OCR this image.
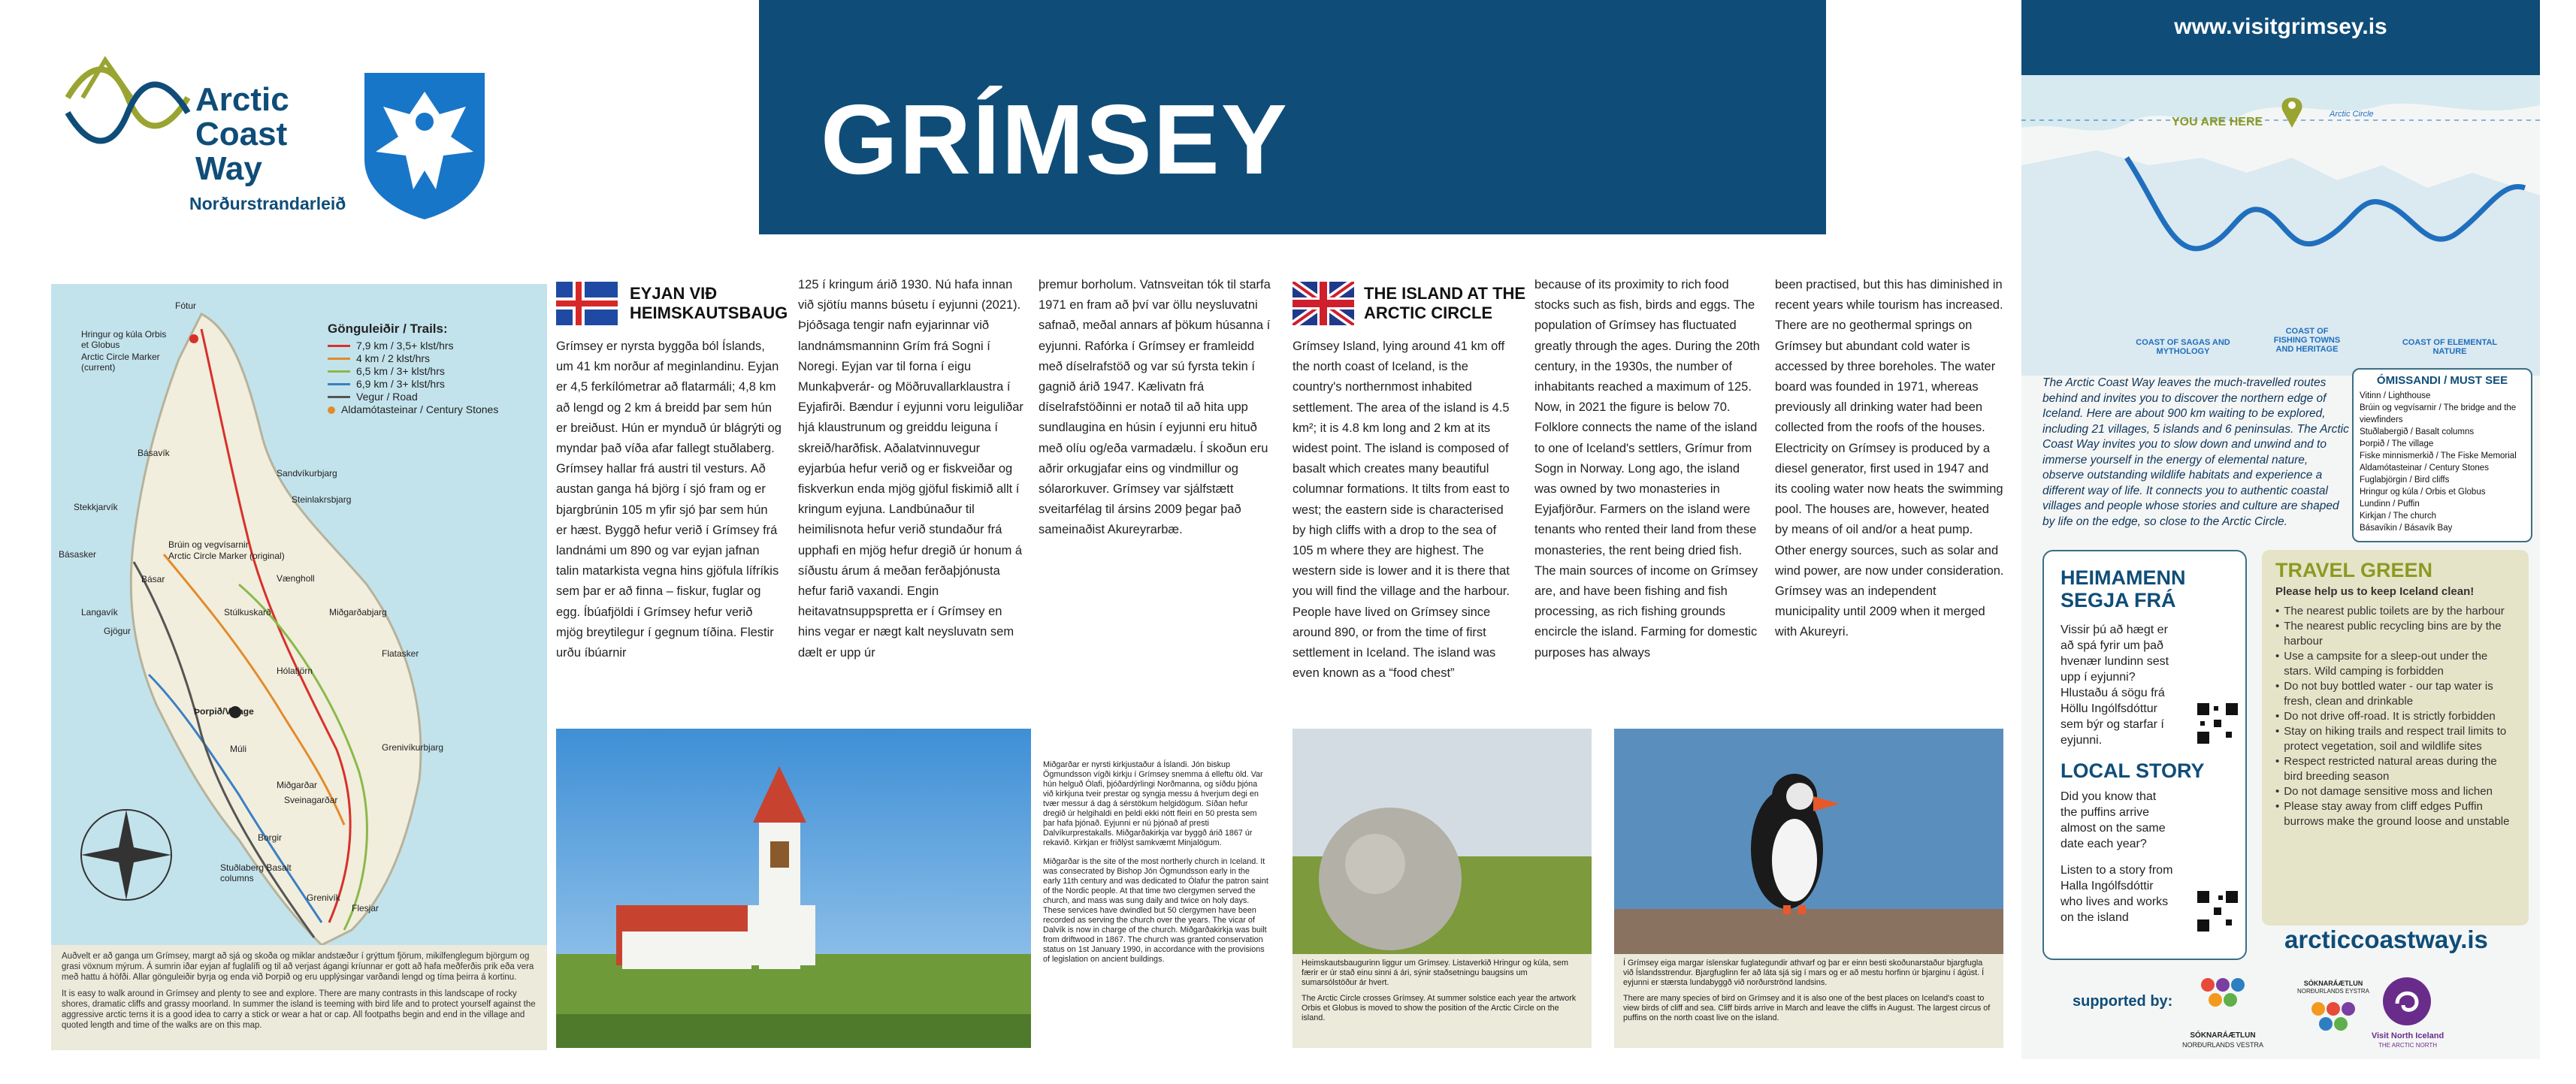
Arctic
Coast
Way
Norðurstrandarleið
GRÍMSEY
Gönguleiðir / Trails:
7,9 km / 3,5+ klst/hrs
4 km / 2 klst/hrs
6,5 km / 3+ klst/hrs
6,9 km / 3+ klst/hrs
Vegur / Road
Aldamótasteinar / Century Stones
Fótur
Hringur og kúla Orbis et Globus
Arctic Circle Marker (current)
Básavík
Sandvíkurbjarg
Steinlakrsbjarg
Stekkjarvík
Básasker
Básar
Langavík
Gjögur
Brúin og vegvísarnir
Arctic Circle Marker (original)
Vængholl
Stúlkuskarð	Miðgarðabjarg
Flatasker
Hólatjörn
Þorpið/Village
Múli
Miðgarðar
Sveinagarðar
Borgir
Grenivíkurbjarg
Stuðlaberg Basalt columns
Grenivík
Flesjar

Auðvelt er að ganga um Grímsey, margt að sjá og skoða og miklar andstæður í grýttum fjörum, mikilfenglegum björgum og grasi vöxnum mýrum. Á sumrin iðar eyjan af fuglalífi og til að verjast ágangi kríunnar er gott að hafa meðferðis prik eða vera með hattu á höfði. Allar gönguleiðir byrja og enda við Þorpið og eru upplýsingar varðandi lengd og tíma þeirra á kortinu.

It is easy to walk around in Grímsey and plenty to see and explore. There are many contrasts in this landscape of rocky shores, dramatic cliffs and grassy moorland. In summer the island is teeming with bird life and to protect yourself against the aggressive arctic terns it is a good idea to carry a stick or wear a hat or cap. All footpaths begin and end in the village and quoted length and time of the walks are on this map.

EYJAN VIÐ HEIMSKAUTSBAUG
Grímsey er nyrsta byggða ból Íslands, um 41 km norður af meginlandinu. Eyjan er 4,5 ferkílómetrar að flatarmáli; 4,8 km að lengd og 2 km á breidd þar sem hún er breiðust. Hún er mynduð úr blágrýti og myndar það víða afar fallegt stuðlaberg. Grímsey hallar frá austri til vesturs. Að austan ganga há björg í sjó fram og er bjargbrúnin 105 m yfir sjó þar sem hún er hæst. Byggð hefur verið í Grímsey frá landnámi um 890 og var eyjan jafnan talin matarkista vegna hins gjöfula lífríkis sem þar er að finna – fiskur, fuglar og egg. Íbúafjöldi í Grímsey hefur verið mjög breytilegur í gegnum tíðina. Flestir urðu íbúarnir
125 í kringum árið 1930. Nú hafa innan við sjötíu manns búsetu í eyjunni (2021). Þjóðsaga tengir nafn eyjarinnar við landnámsmanninn Grím frá Sogni í Noregi. Eyjan var til forna í eigu Munkaþverár- og Möðruvallarklaustra í Eyjafirði. Bændur í eyjunni voru leiguliðar hjá klaustrunum og greiddu leiguna í skreið/harðfisk. Aðalatvinnuvegur eyjarbúa hefur verið og er fiskveiðar og fiskverkun enda mjög gjöful fiskimið allt í kringum eyjuna. Landbúnaður til heimilisnota hefur verið stundaður frá upphafi en mjög hefur dregið úr honum á síðustu árum á meðan ferðaþjónusta hefur farið vaxandi. Engin heitavatnsuppspretta er í Grímsey en hins vegar er nægt kalt neysluvatn sem dælt er upp úr
þremur borholum. Vatnsveitan tók til starfa 1971 en fram að því var öllu neysluvatni safnað, meðal annars af þökum húsanna í eyjunni. Rafórka í Grímsey er framleidd með díselrafstöð og var sú fyrsta tekin í gagnið árið 1947. Kælivatn frá díselrafstöðinni er notað til að hita upp sundlaugina en húsin í eyjunni eru hituð með olíu og/eða varmadælu. Í skoðun eru aðrir orkugjafar eins og vindmillur og sólarorkuver. Grímsey var sjálfstætt sveitarfélag til ársins 2009 þegar það sameinaðist Akureyrarbæ.

Miðgarðar er nyrsti kirkjustaður á Íslandi. Jón biskup Ögmundsson vígði kirkju í Grímsey snemma á elleftu öld. Var hún helguð Ólafi, þjóðardýrlingi Norðmanna, og síðdu þjóna við kirkjuna tveir prestar og syngja messu á hverjum degi en tvær messur á dag á sérstökum helgidögum. Síðan hefur dregið úr helgihaldi en þeldi ekki nótt fleiri en 50 presta sem þar hafa þjónað. Eyjunni er nú þjónað af presti Dalvíkurprestakalls. Miðgarðakirkja var byggð árið 1867 úr rekavið. Kirkjan er friðlýst samkvæmt Minjalögum.

Miðgarðar is the site of the most northerly church in Iceland. It was consecrated by Bishop Jón Ögmundsson early in the early 11th century and was dedicated to Ólafur the patron saint of the Nordic people. At that time two clergymen served the church, and mass was sung daily and twice on holy days. These services have dwindled but 50 clergymen have been recorded as serving the church over the years. The vicar of Dalvík is now in charge of the church. Miðgarðakirkja was built from driftwood in 1867. The church was granted conservation status on 1st January 1990, in accordance with the provisions of legislation on ancient buildings.

THE ISLAND AT THE ARCTIC CIRCLE
Grímsey Island, lying around 41 km off the north coast of Iceland, is the country's northernmost inhabited settlement. The area of the island is 4.5 km²; it is 4.8 km long and 2 km at its widest point. The island is composed of basalt which creates many beautiful columnar formations. It tilts from east to west; the eastern side is characterised by high cliffs with a drop to the sea of 105 m where they are highest. The western side is lower and it is there that you will find the village and the harbour. People have lived on Grímsey since around 890, or from the time of first settlement in Iceland. The island was even known as a “food chest”
because of its proximity to rich food stocks such as fish, birds and eggs. The population of Grímsey has fluctuated greatly through the ages. During the 20th century, in the 1930s, the number of inhabitants reached a maximum of 125. Now, in 2021 the figure is below 70. Folklore connects the name of the island to one of Iceland's settlers, Grímur from Sogn in Norway. Long ago, the island was owned by two monasteries in Eyjafjörður. Farmers on the island were tenants who rented their land from these monasteries, the rent being dried fish. The main sources of income on Grímsey are, and have been fishing and fish processing, as rich fishing grounds encircle the island. Farming for domestic purposes has always
been practised, but this has diminished in recent years while tourism has increased. There are no geothermal springs on Grímsey but abundant cold water is accessed by three boreholes. The water board was founded in 1971, whereas previously all drinking water had been collected from the roofs of the houses. Electricity on Grímsey is produced by a diesel generator, first used in 1947 and its cooling water now heats the swimming pool. The houses are, however, heated by means of oil and/or a heat pump. Other energy sources, such as solar and wind power, are now under consideration. Grímsey was an independent municipality until 2009 when it merged with Akureyri.

Heimskautsbaugurinn liggur um Grímsey. Listaverkið Hringur og kúla, sem færir er úr stað einu sinni á ári, sýnir staðsetningu baugsins um sumarsólstöður ár hvert.

The Arctic Circle crosses Grímsey. At summer solstice each year the artwork Orbis et Globus is moved to show the position of the Arctic Circle on the island.

Í Grímsey eiga margar íslenskar fuglategundir athvarf og þar er einn besti skoðunarstaður bjargfugla við Íslandsstrendur. Bjargfuglinn fer að láta sjá sig í mars og er að mestu horfinn úr bjarginu í ágúst. Í eyjunni er stærsta lundabyggð við norðurströnd landsins.

There are many species of bird on Grímsey and it is also one of the best places on Iceland's coast to view birds of cliff and sea. Cliff birds arrive in March and leave the cliffs in August. The largest circus of puffins on the north coast live on the island.

www.visitgrimsey.is
YOU ARE HERE
Arctic Circle
COAST OF SAGAS AND MYTHOLOGY
COAST OF FISHING TOWNS AND HERITAGE
COAST OF ELEMENTAL NATURE
The Arctic Coast Way leaves the much-travelled routes behind and invites you to discover the northern edge of Iceland. Here are about 900 km waiting to be explored, including 21 villages, 5 islands and 6 peninsulas. The Arctic Coast Way invites you to slow down and unwind and to immerse yourself in the energy of elemental nature, observe outstanding wildlife habitats and experience a different way of life. It connects you to authentic coastal villages and people whose stories and culture are shaped by life on the edge, so close to the Arctic Circle.
ÓMISSANDI / MUST SEE
Vitinn / Lighthouse
Brúin og vegvísarnir / The bridge and the viewfinders
Stuðlabergið / Basalt columns
Þorpið / The village
Fiske minnismerkið / The Fiske Memorial
Aldamótasteinar / Century Stones
Fuglabjörgin / Bird cliffs
Hringur og kúla / Orbis et Globus
Lundinn / Puffin
Kirkjan / The church
Básavíkin / Básavík Bay
HEIMAMENN
SEGJA FRÁ
Vissir þú að hægt er að spá fyrir um það hvenær lundinn sest upp í eyjunni? Hlustaðu á sögu frá Höllu Ingólfsdóttur sem býr og starfar í eyjunni.
LOCAL STORY
Did you know that the puffins arrive almost on the same date each year?
Listen to a story from Halla Ingólfsdóttir who lives and works on the island
TRAVEL GREEN
Please help us to keep Iceland clean!
• The nearest public toilets are by the harbour
• The nearest public recycling bins are by the harbour
• Use a campsite for a sleep-out under the stars. Wild camping is forbidden
• Do not buy bottled water - our tap water is fresh, clean and drinkable
• Do not drive off-road. It is strictly forbidden
• Stay on hiking trails and respect trail limits to protect vegetation, soil and wildlife sites
• Respect restricted natural areas during the bird breeding season
• Do not damage sensitive moss and lichen
• Please stay away from cliff edges Puffin burrows make the ground loose and unstable
arcticcoastway.is
supported by:
SÓKNARÁÆTLUN
NORÐURLANDS VESTRA
SÓKNARÁÆTLUN
NORÐURLANDS EYSTRA
Visit North Iceland
THE ARCTIC NORTH
